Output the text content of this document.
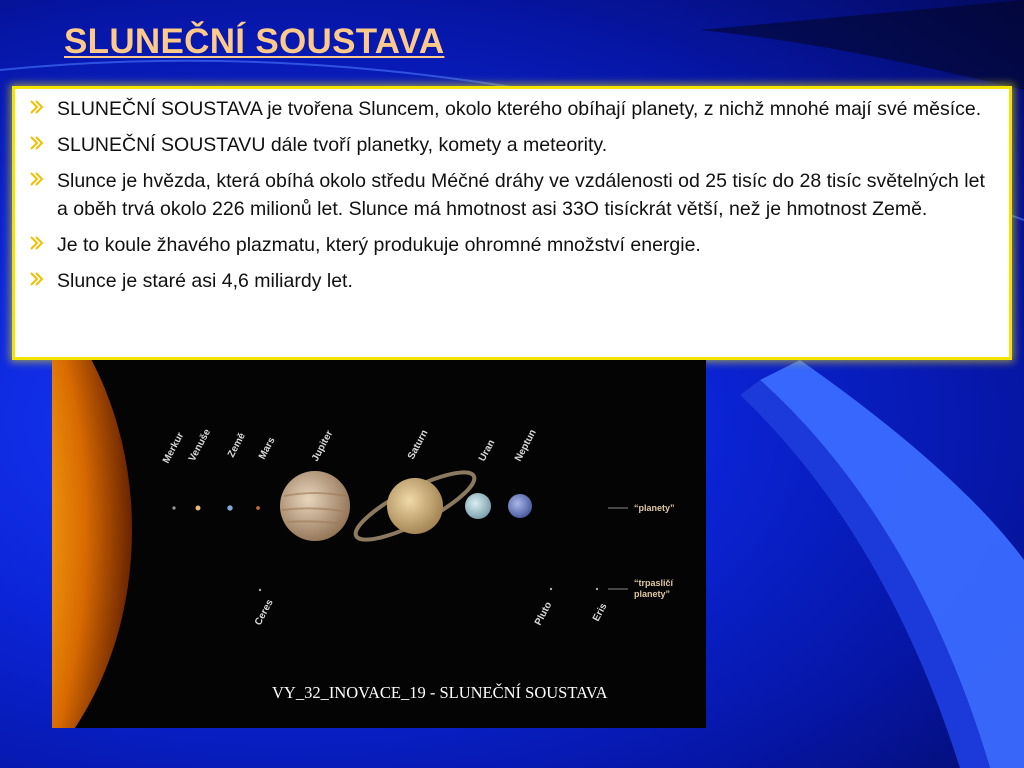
SLUNEČNÍ SOUSTAVA
SLUNEČNÍ SOUSTAVA je tvořena Sluncem, okolo kterého obíhají planety, z nichž mnohé mají své měsíce.
SLUNEČNÍ SOUSTAVU dále tvoří planetky, komety a meteority.
Slunce je hvězda, která obíhá okolo středu Méčné dráhy ve vzdálenosti od 25 tisíc do 28 tisíc světelných let a oběh trvá okolo 226 milionů let. Slunce má hmotnost asi 33O tisíckrát větší, než je hmotnost Země.
Je to koule žhavého plazmatu, který produkuje ohromné množství energie.
Slunce je staré asi 4,6 miliardy let.
Merkur Venuše Země Mars	Jupiter	Saturn	Uran Neptun
Ceres	Pluto	Eris
“planety”
“trpasličí
planety”
VY_32_INOVACE_19 - SLUNEČNÍ SOUSTAVA
